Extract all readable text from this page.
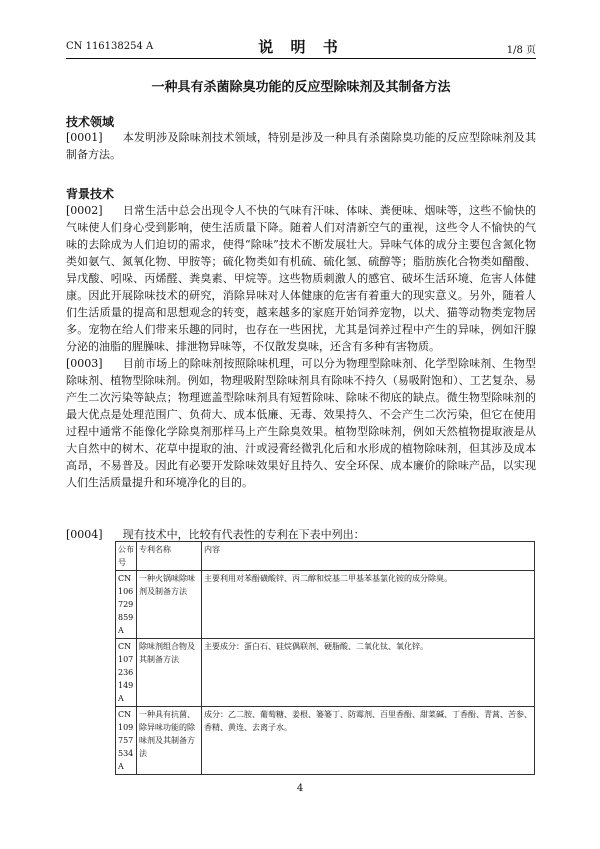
CN 116138254 A	说 明 书	1/8 页
一种具有杀菌除臭功能的反应型除味剂及其制备方法
技术领域
[0001] 本发明涉及除味剂技术领域，特别是涉及一种具有杀菌除臭功能的反应型除味剂及其制备方法。
背景技术
[0002] 日常生活中总会出现令人不快的气味有汗味、体味、粪便味、烟味等，这些不愉快的气味使人们身心受到影响，使生活质量下降。随着人们对清新空气的重视，这些令人不愉快的气味的去除成为人们迫切的需求，使得“除味”技术不断发展壮大。异味气体的成分主要包含氮化物类如氨气、氮氧化物、甲胺等；硫化物类如有机硫、硫化氢、硫醇等；脂肪族化合物类如醋酸、异戊酸、吲哚、丙烯醛、粪臭素、甲烷等。这些物质刺激人的感官、破坏生活环境、危害人体健康。因此开展除味技术的研究，消除异味对人体健康的危害有着重大的现实意义。另外，随着人们生活质量的提高和思想观念的转变，越来越多的家庭开始饲养宠物，以犬、猫等动物类宠物居多。宠物在给人们带来乐趣的同时，也存在一些困扰，尤其是饲养过程中产生的异味，例如汗腺分泌的油脂的腥臊味、排泄物异味等，不仅散发臭味，还含有多种有害物质。
[0003] 目前市场上的除味剂按照除味机理，可以分为物理型除味剂、化学型除味剂、生物型除味剂、植物型除味剂。例如，物理吸附型除味剂具有除味不持久（易吸附饱和）、工艺复杂、易产生二次污染等缺点；物理遮盖型除味剂具有短暂除味、除味不彻底的缺点。微生物型除味剂的最大优点是处理范围广、负荷大、成本低廉、无毒、效果持久、不会产生二次污染，但它在使用过程中通常不能像化学除臭剂那样马上产生除臭效果。植物型除味剂，例如天然植物提取液是从大自然中的树木、花草中提取的油、汁或浸膏经微乳化后和水形成的植物除味剂，但其涉及成本高昂，不易普及。因此有必要开发除味效果好且持久、安全环保、成本廉价的除味产品，以实现人们生活质量提升和环境净化的目的。
[0004] 现有技术中，比较有代表性的专利在下表中列出：
公布号	专利名称	内容
CN106729859A	一种火锅味除味剂及制备方法	主要利用对苯酚磺酸锌、丙二醇和烷基二甲基苯基氯化铵的成分除臭。
CN107236149A	除味剂组合物及其制备方法	主要成分：蛋白石、硅烷偶联剂、硬脂酸、二氧化钛、氧化锌。
CN109757534A	一种具有抗菌、除异味功能的除味剂及其制备方法	成分：乙二胺、葡萄糖、姜根、篓篓丁、防霉剂、百里香酚、甜菜碱、丁香酚、青蒿、苦参、香精、黄连、去离子水。
4
